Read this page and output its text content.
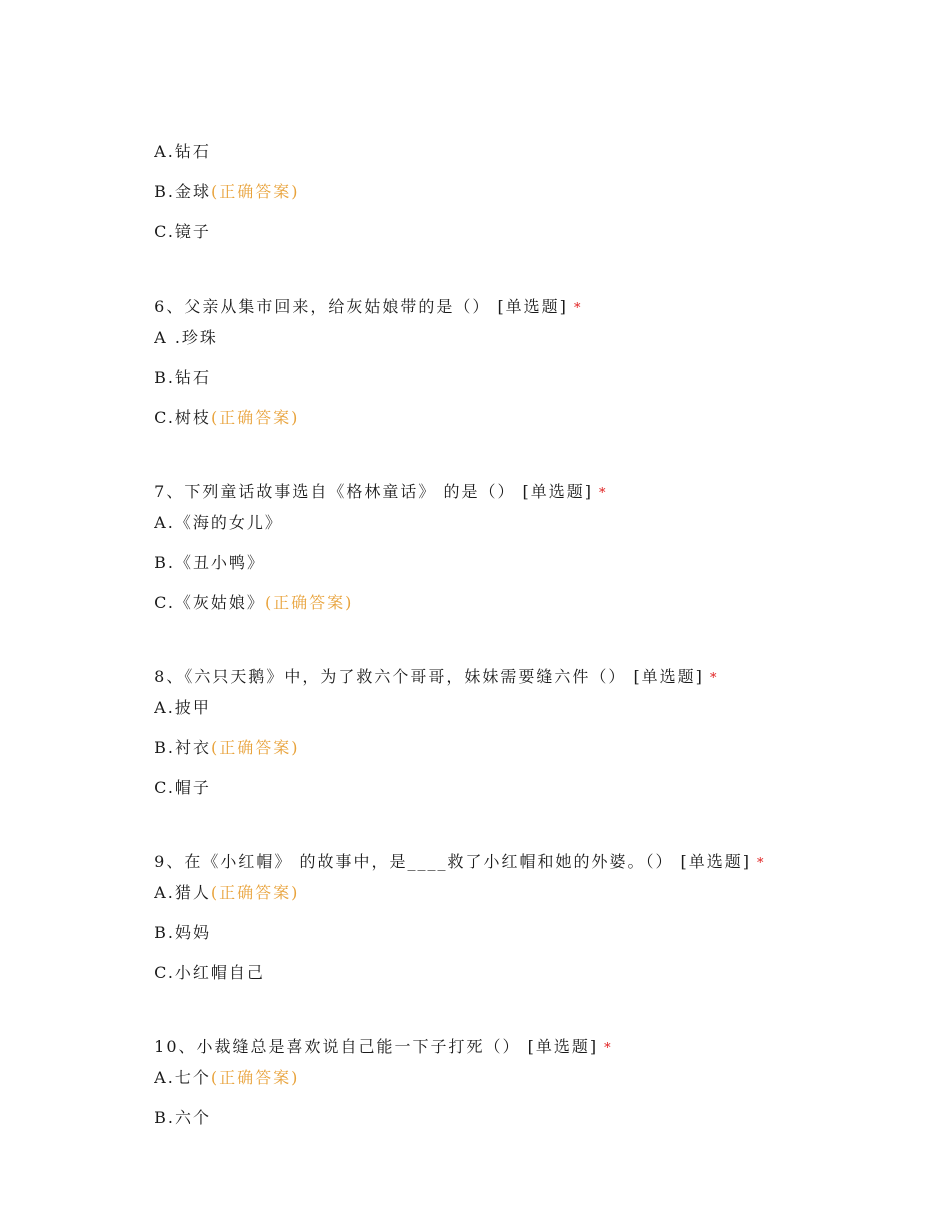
A.钻石

B.金球(正确答案)

C.镜子

6、父亲从集市回来，给灰姑娘带的是（） [单选题] *

A .珍珠

B.钻石

C.树枝(正确答案)

7、下列童话故事选自《格林童话》 的是（） [单选题] *

A.《海的女儿》

B.《丑小鸭》

C.《灰姑娘》(正确答案)

8、《六只天鹅》中，为了救六个哥哥，妹妹需要缝六件（） [单选题] *

A.披甲

B.衬衣(正确答案)

C.帽子

9、在《小红帽》 的故事中，是____救了小红帽和她的外婆。（） [单选题] *

A.猎人(正确答案)

B.妈妈

C.小红帽自己

10、小裁缝总是喜欢说自己能一下子打死（） [单选题] *

A.七个(正确答案)

B.六个
